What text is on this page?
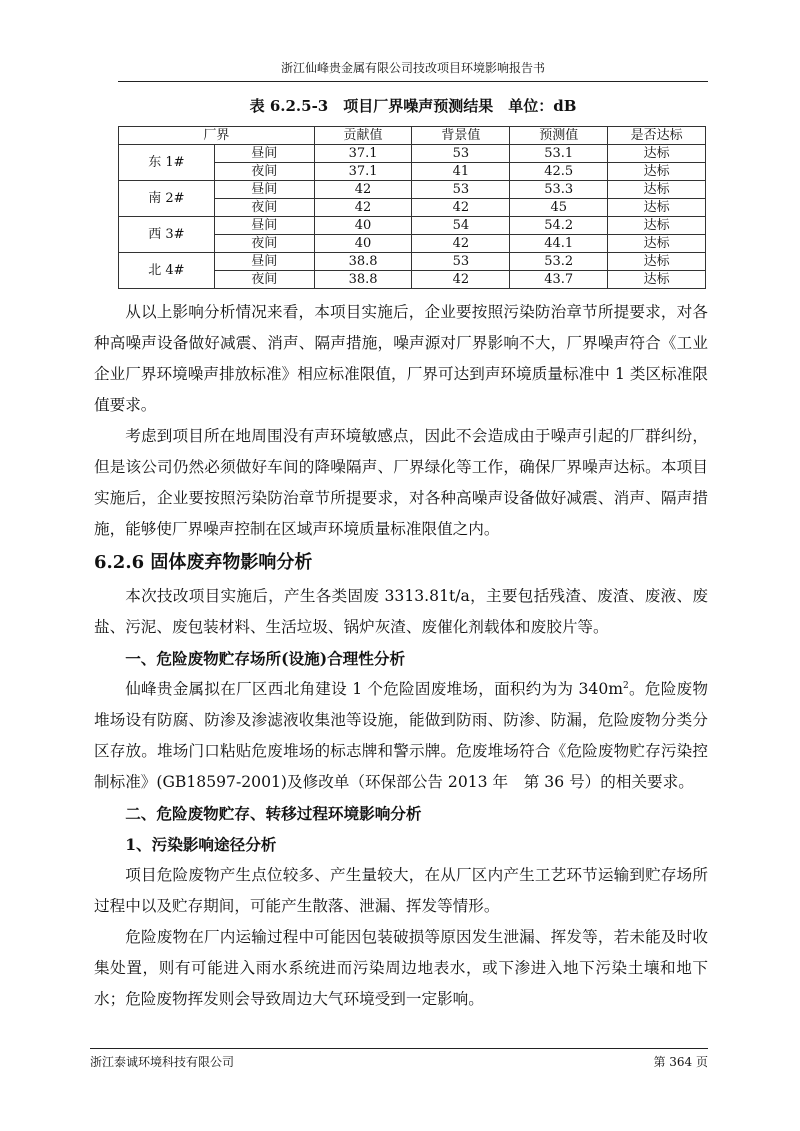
浙江仙峰贵金属有限公司技改项目环境影响报告书
表 6.2.5-3　项目厂界噪声预测结果　单位：dB
厂界		贡献值	背景值	预测值	是否达标
东 1#	昼间	37.1	53	53.1	达标
	夜间	37.1	41	42.5	达标
南 2#	昼间	42	53	53.3	达标
	夜间	42	42	45	达标
西 3#	昼间	40	54	54.2	达标
	夜间	40	42	44.1	达标
北 4#	昼间	38.8	53	53.2	达标
	夜间	38.8	42	43.7	达标

从以上影响分析情况来看，本项目实施后，企业要按照污染防治章节所提要求，对各种高噪声设备做好减震、消声、隔声措施，噪声源对厂界影响不大，厂界噪声符合《工业企业厂界环境噪声排放标准》相应标准限值，厂界可达到声环境质量标准中 1 类区标准限值要求。

考虑到项目所在地周围没有声环境敏感点，因此不会造成由于噪声引起的厂群纠纷，但是该公司仍然必须做好车间的降噪隔声、厂界绿化等工作，确保厂界噪声达标。本项目实施后，企业要按照污染防治章节所提要求，对各种高噪声设备做好减震、消声、隔声措施，能够使厂界噪声控制在区域声环境质量标准限值之内。

6.2.6 固体废弃物影响分析

本次技改项目实施后，产生各类固废 3313.81t/a，主要包括残渣、废渣、废液、废盐、污泥、废包装材料、生活垃圾、锅炉灰渣、废催化剂载体和废胶片等。

一、危险废物贮存场所(设施)合理性分析

仙峰贵金属拟在厂区西北角建设 1 个危险固废堆场，面积约为为 $340m^2$。危险废物堆场设有防腐、防渗及渗滤液收集池等设施，能做到防雨、防渗、防漏，危险废物分类分区存放。堆场门口粘贴危废堆场的标志牌和警示牌。危废堆场符合《危险废物贮存污染控制标准》(GB18597-2001)及修改单（环保部公告 2013 年　第 36 号）的相关要求。

二、危险废物贮存、转移过程环境影响分析
1、污染影响途径分析

项目危险废物产生点位较多、产生量较大，在从厂区内产生工艺环节运输到贮存场所过程中以及贮存期间，可能产生散落、泄漏、挥发等情形。

危险废物在厂内运输过程中可能因包装破损等原因发生泄漏、挥发等，若未能及时收集处置，则有可能进入雨水系统进而污染周边地表水，或下渗进入地下污染土壤和地下水；危险废物挥发则会导致周边大气环境受到一定影响。

浙江泰诚环境科技有限公司	第 364 页
